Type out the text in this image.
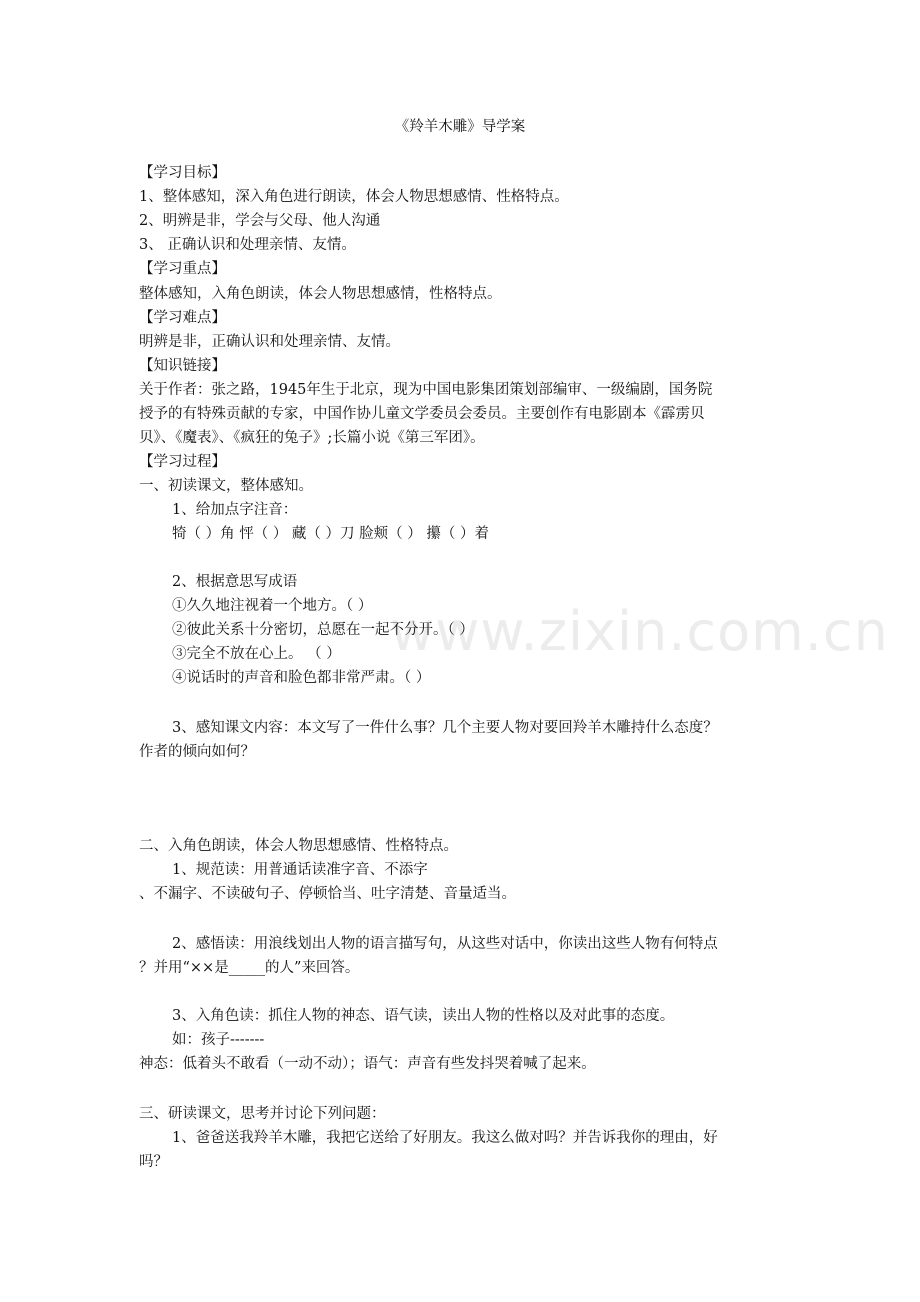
《羚羊木雕》导学案
【学习目标】
1、整体感知，深入角色进行朗读，体会人物思想感情、性格特点。
2、明辨是非，学会与父母、他人沟通
3、 正确认识和处理亲情、友情。
【学习重点】
整体感知，入角色朗读，体会人物思想感情，性格特点。
【学习难点】
明辨是非，正确认识和处理亲情、友情。
【知识链接】
关于作者：张之路，1945年生于北京，现为中国电影集团策划部编审、一级编剧，国务院
授予的有特殊贡献的专家，中国作协儿童文学委员会委员。主要创作有电影剧本《霹雳贝
贝》、《魔表》、《疯狂的兔子》;长篇小说《第三军团》。
【学习过程】
一、初读课文，整体感知。
1、给加点字注音：
犄（ ）角 怦（ ） 藏（ ）刀 脸颊（ ） 攥（ ）着
2、根据意思写成语
①久久地注视着一个地方。（ ）
②彼此关系十分密切，总愿在一起不分开。（ ）
③完全不放在心上。 （ ）
④说话时的声音和脸色都非常严肃。（ ）
3、感知课文内容：本文写了一件什么事？几个主要人物对要回羚羊木雕持什么态度？
作者的倾向如何？
二、入角色朗读，体会人物思想感情、性格特点。
1、规范读：用普通话读准字音、不添字
、不漏字、不读破句子、停顿恰当、吐字清楚、音量适当。
2、感悟读：用浪线划出人物的语言描写句，从这些对话中，你读出这些人物有何特点
？并用“××是_____的人”来回答。
3、入角色读：抓住人物的神态、语气读，读出人物的性格以及对此事的态度。
如：孩子-------
神态：低着头不敢看（一动不动）；语气：声音有些发抖哭着喊了起来。
三、研读课文，思考并讨论下列问题：
1、爸爸送我羚羊木雕，我把它送给了好朋友。我这么做对吗？并告诉我你的理由，好
吗？
www.zixin.com.cn
